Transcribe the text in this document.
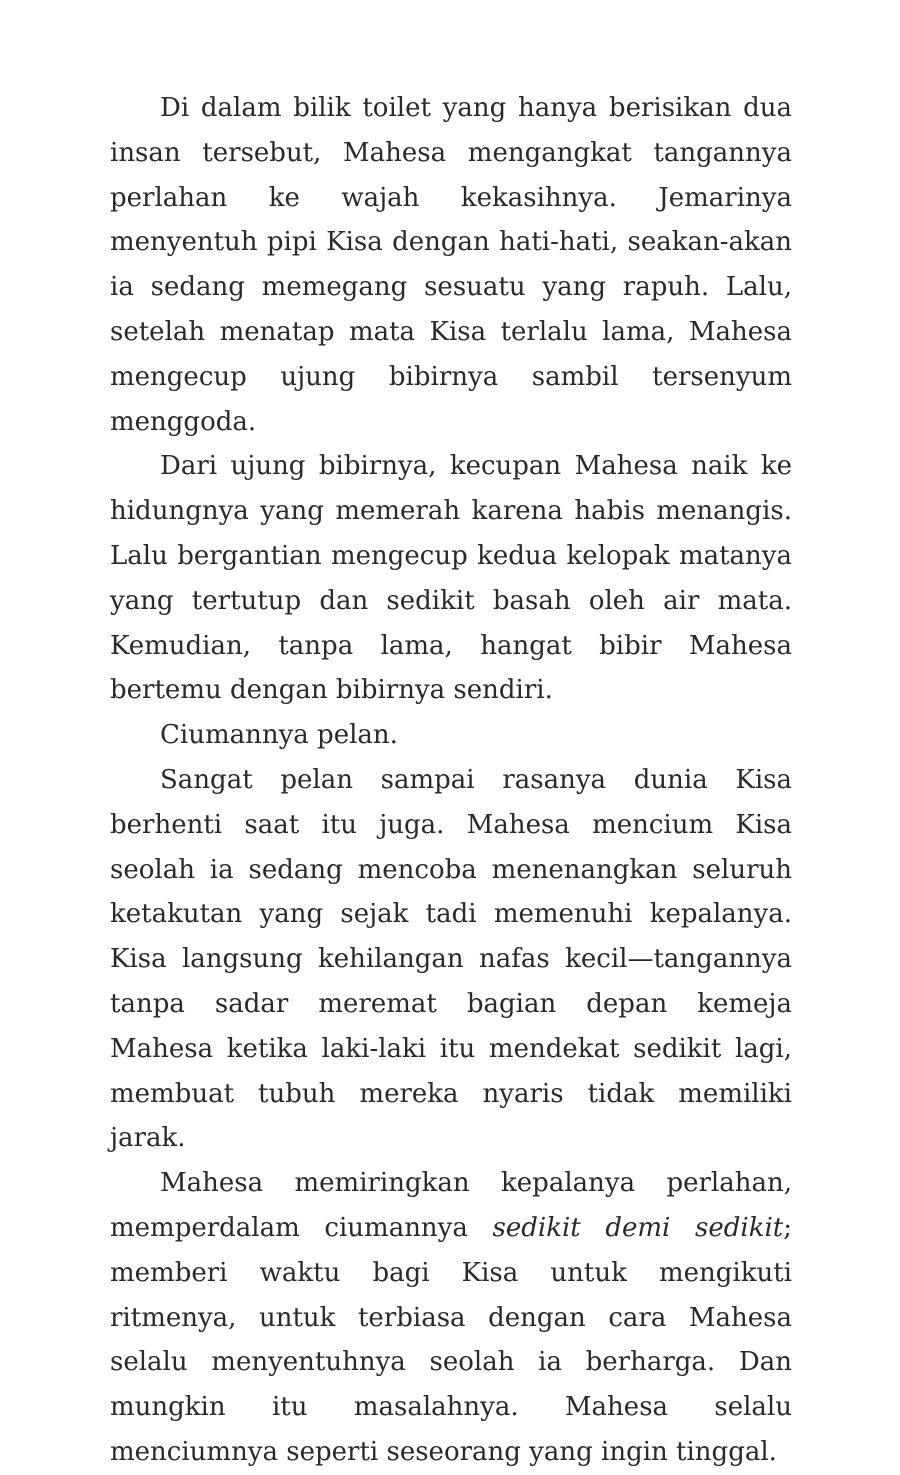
Di dalam bilik toilet yang hanya berisikan dua insan tersebut, Mahesa mengangkat tangannya perlahan ke wajah kekasihnya. Jemarinya menyentuh pipi Kisa dengan hati-hati, seakan-akan ia sedang memegang sesuatu yang rapuh. Lalu, setelah menatap mata Kisa terlalu lama, Mahesa mengecup ujung bibirnya sambil tersenyum menggoda.

Dari ujung bibirnya, kecupan Mahesa naik ke hidungnya yang memerah karena habis menangis. Lalu bergantian mengecup kedua kelopak matanya yang tertutup dan sedikit basah oleh air mata. Kemudian, tanpa lama, hangat bibir Mahesa bertemu dengan bibirnya sendiri.

Ciumannya pelan.

Sangat pelan sampai rasanya dunia Kisa berhenti saat itu juga. Mahesa mencium Kisa seolah ia sedang mencoba menenangkan seluruh ketakutan yang sejak tadi memenuhi kepalanya. Kisa langsung kehilangan nafas kecil—tangannya tanpa sadar meremat bagian depan kemeja Mahesa ketika laki-laki itu mendekat sedikit lagi, membuat tubuh mereka nyaris tidak memiliki jarak.

Mahesa memiringkan kepalanya perlahan, memperdalam ciumannya sedikit demi sedikit; memberi waktu bagi Kisa untuk mengikuti ritmenya, untuk terbiasa dengan cara Mahesa selalu menyentuhnya seolah ia berharga. Dan mungkin itu masalahnya. Mahesa selalu menciumnya seperti seseorang yang ingin tinggal.
